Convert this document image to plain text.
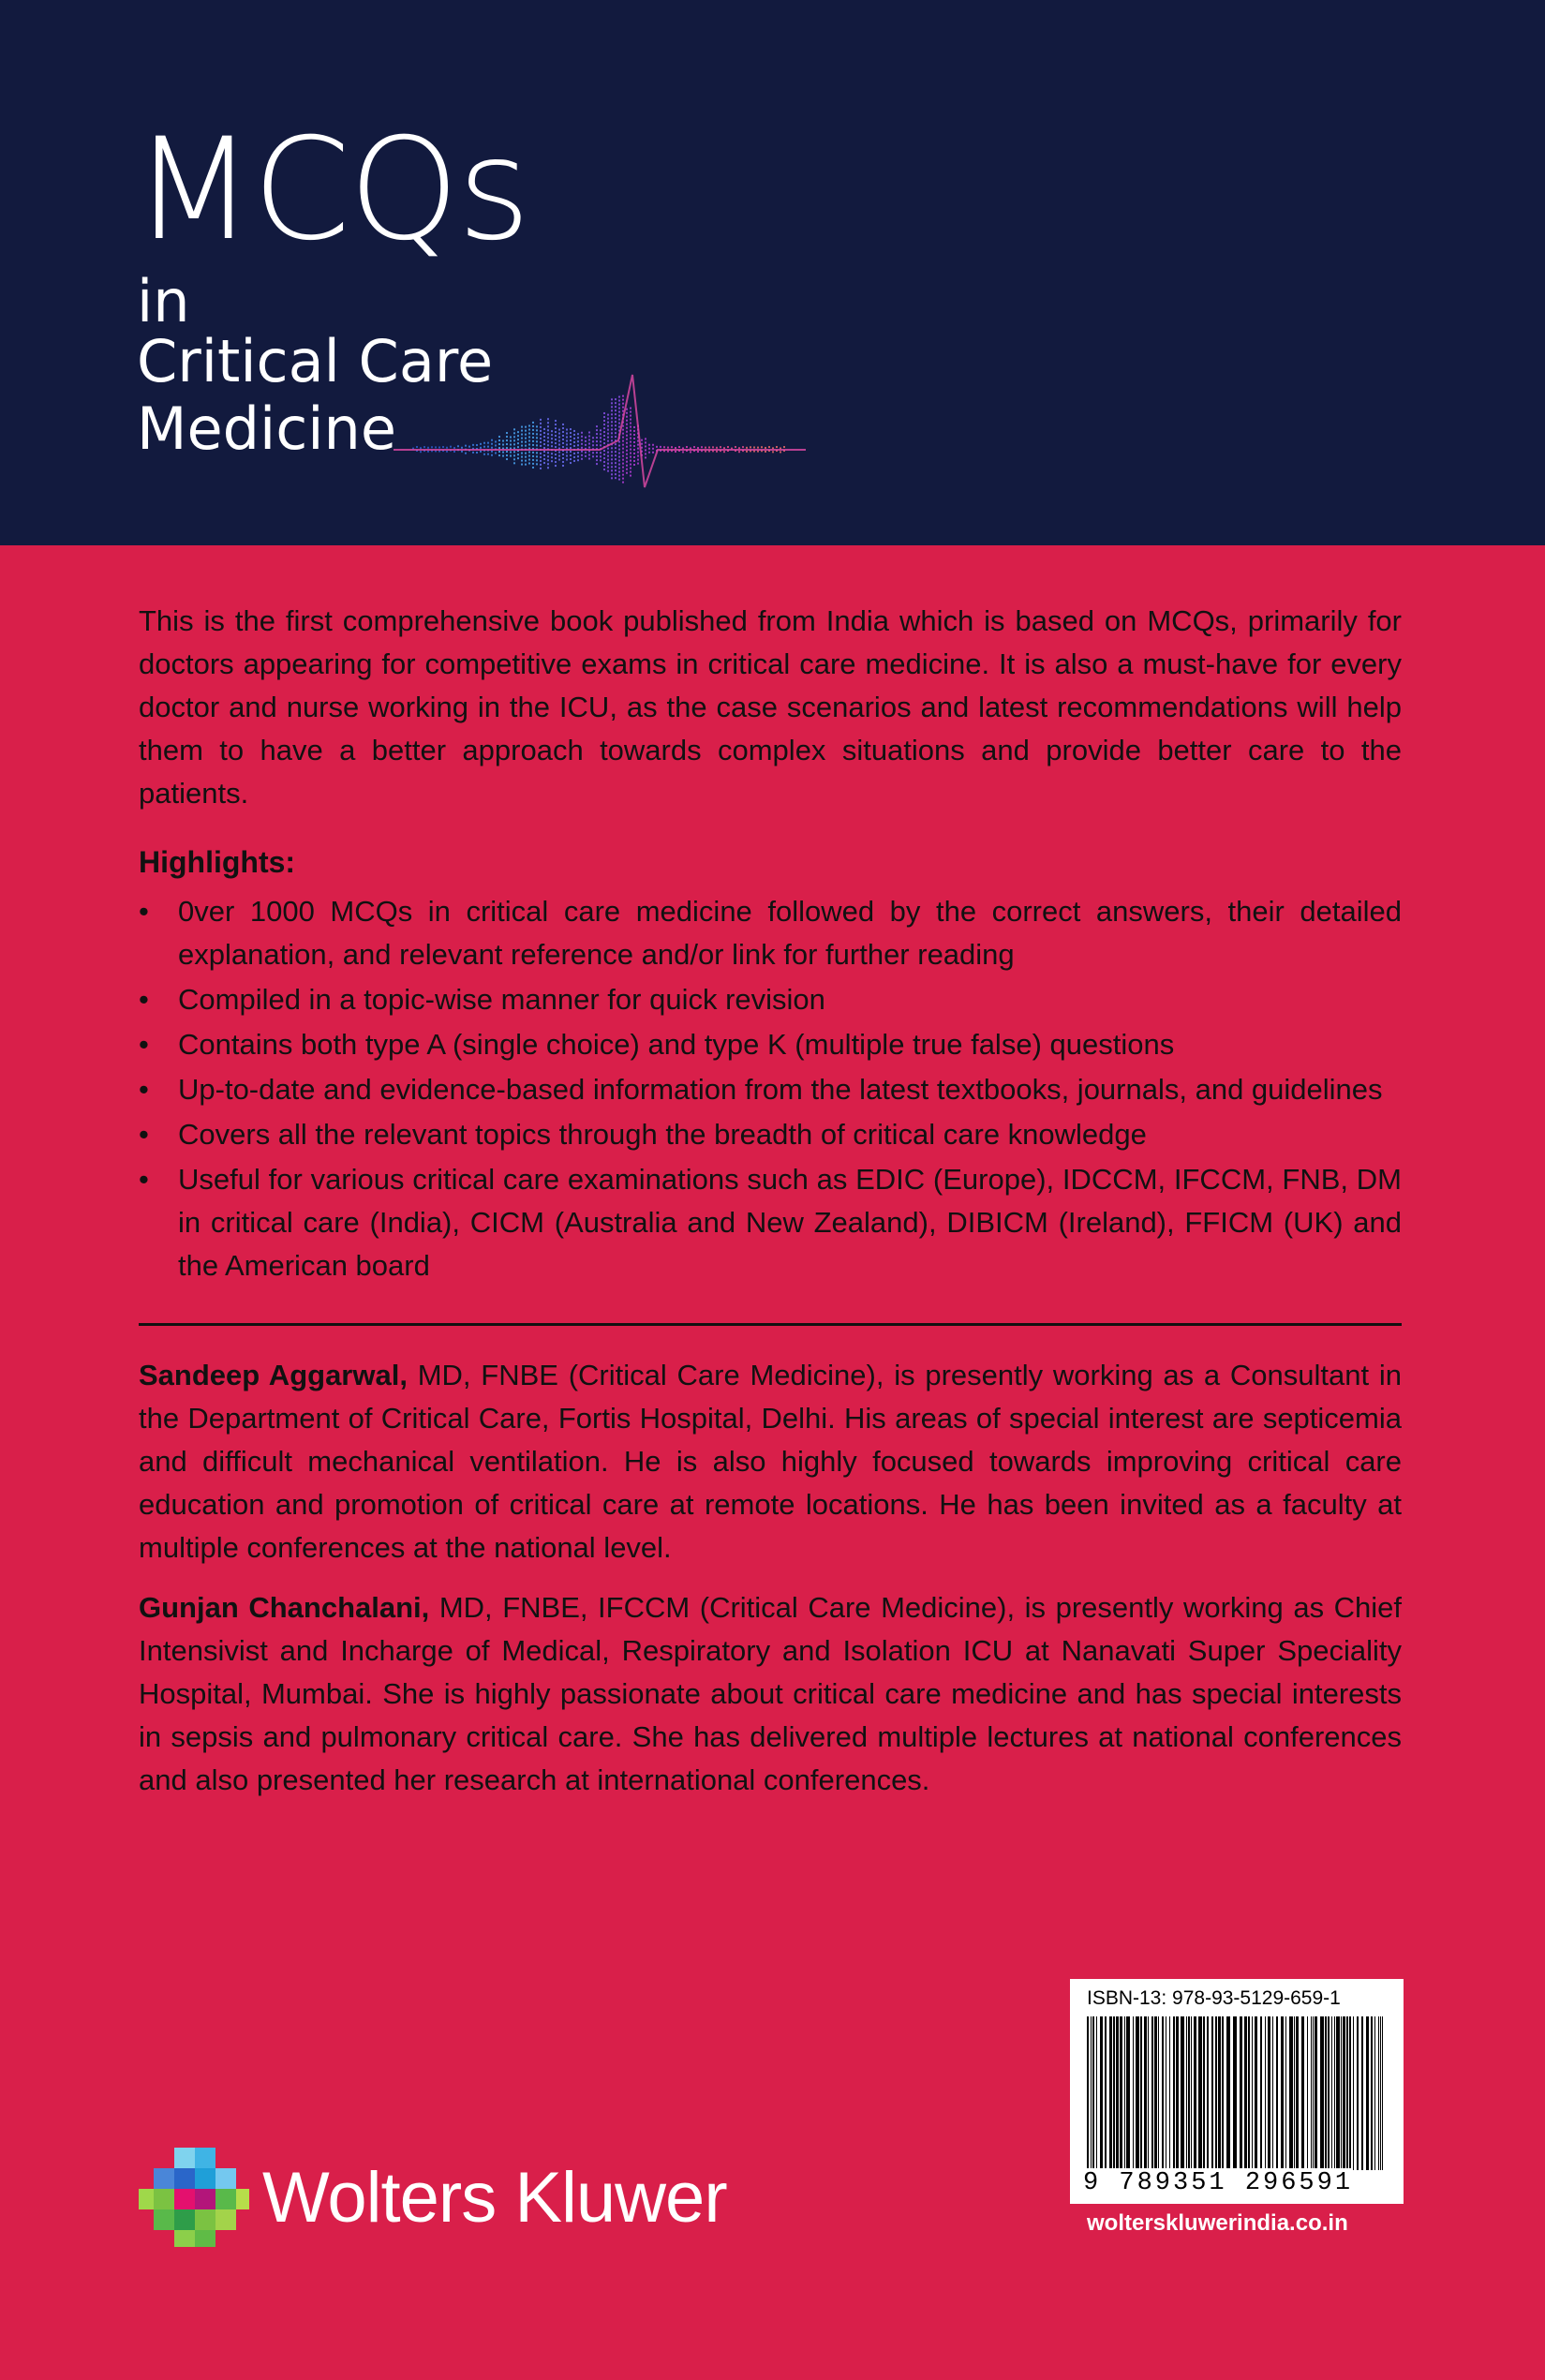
MCQs
in
Critical Care
Medicine

This is the first comprehensive book published from India which is based on MCQs, primarily for doctors appearing for competitive exams in critical care medicine. It is also a must-have for every doctor and nurse working in the ICU, as the case scenarios and latest recommendations will help them to have a better approach towards complex situations and provide better care to the patients.

Highlights:
• 0ver 1000 MCQs in critical care medicine followed by the correct answers, their detailed explanation, and relevant reference and/or link for further reading
• Compiled in a topic-wise manner for quick revision
• Contains both type A (single choice) and type K (multiple true false) questions
• Up-to-date and evidence-based information from the latest textbooks, journals, and guidelines
• Covers all the relevant topics through the breadth of critical care knowledge
• Useful for various critical care examinations such as EDIC (Europe), IDCCM, IFCCM, FNB, DM in critical care (India), CICM (Australia and New Zealand), DIBICM (Ireland), FFICM (UK) and the American board

Sandeep Aggarwal, MD, FNBE (Critical Care Medicine), is presently working as a Consultant in the Department of Critical Care, Fortis Hospital, Delhi. His areas of special interest are septicemia and difficult mechanical ventilation. He is also highly focused towards improving critical care education and promotion of critical care at remote locations. He has been invited as a faculty at multiple conferences at the national level.

Gunjan Chanchalani, MD, FNBE, IFCCM (Critical Care Medicine), is presently working as Chief Intensivist and Incharge of Medical, Respiratory and Isolation ICU at Nanavati Super Speciality Hospital, Mumbai. She is highly passionate about critical care medicine and has special interests in sepsis and pulmonary critical care. She has delivered multiple lectures at national conferences and also presented her research at international conferences.

Wolters Kluwer
ISBN-13: 978-93-5129-659-1
9 789351 296591
wolterskluwerindia.co.in
